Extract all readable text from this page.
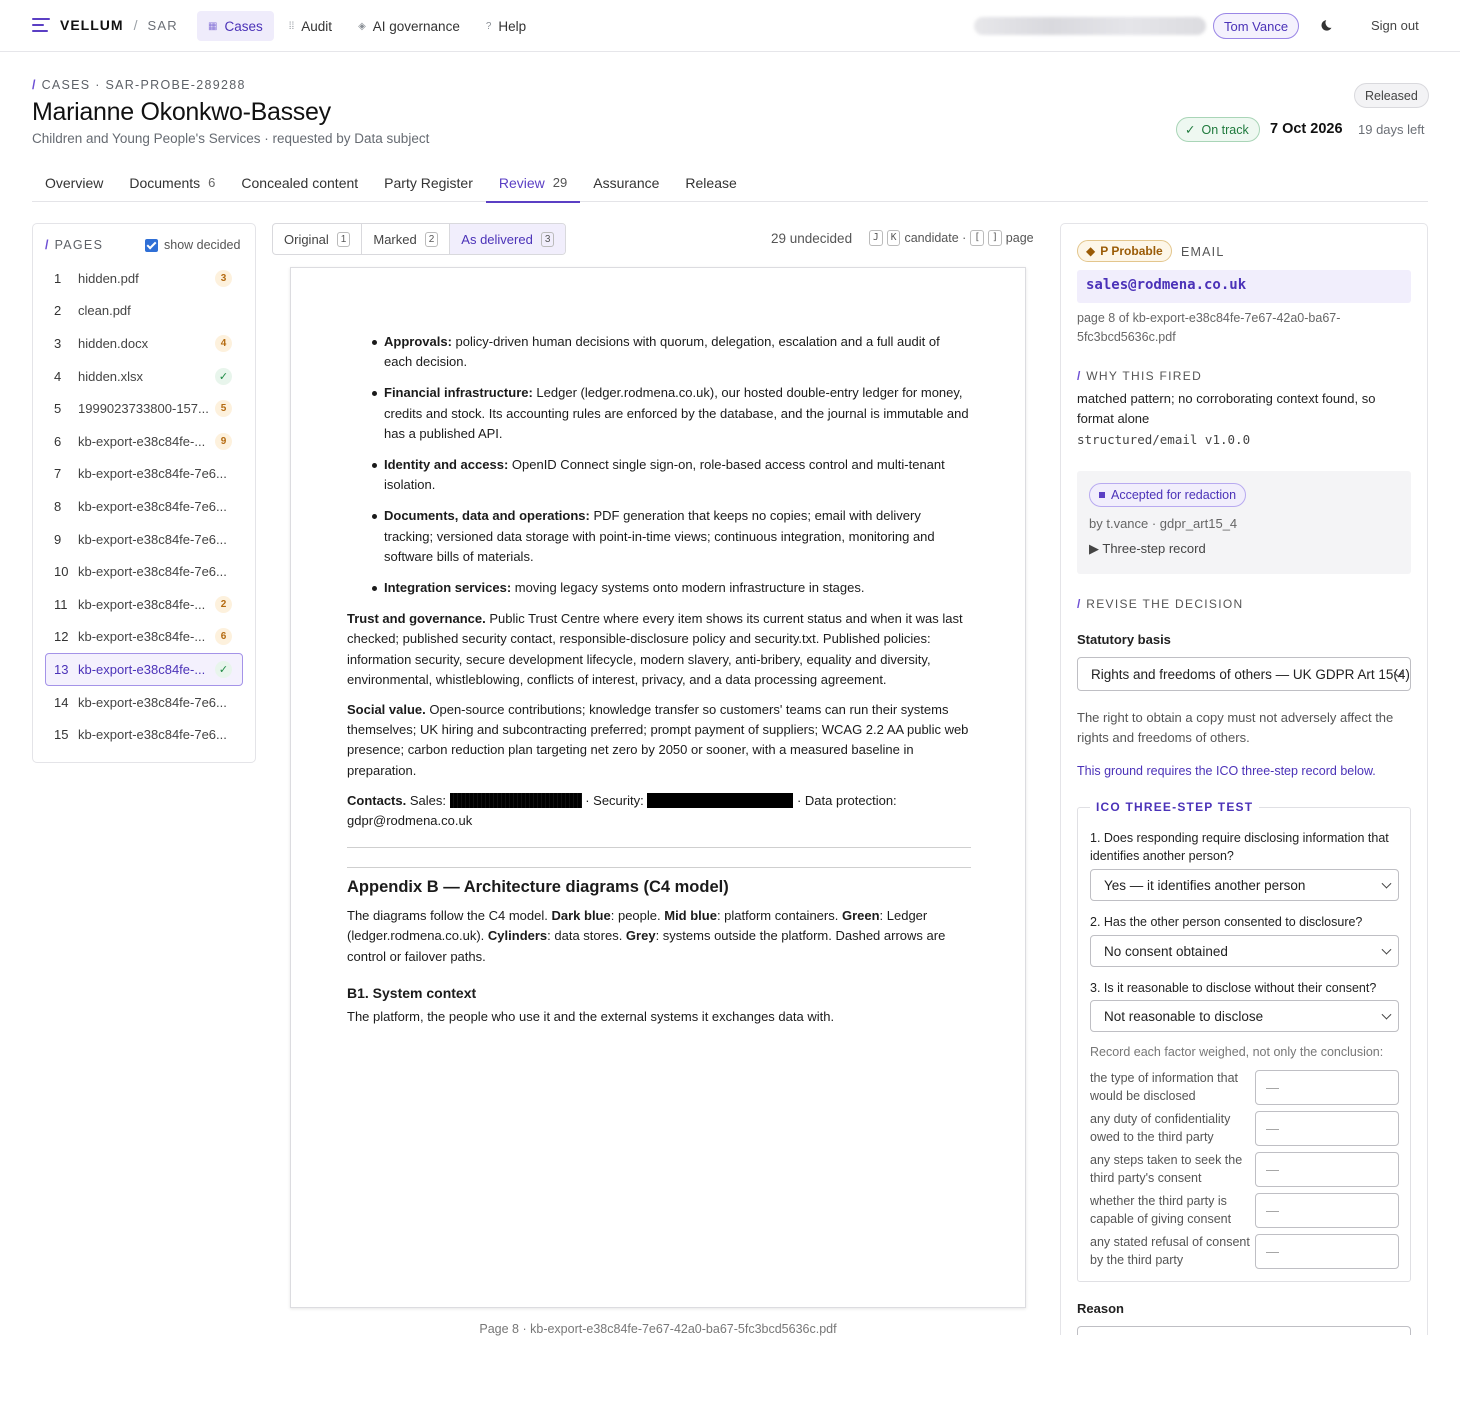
VELLUM / SAR	▦ Cases	⁞⁞ Audit	◈ AI governance	? Help	Tom Vance	Sign out
/ CASES · SAR-PROBE-289288
Marianne Okonkwo-Bassey
Children and Young People's Services · requested by Data subject
Released
✓ On track 7 Oct 2026 19 days left
Overview Documents 6 Concealed content Party Register Review 29 Assurance Release
/ PAGES	show decided
1	hidden.pdf	3
2	clean.pdf
3	hidden.docx	4
4	hidden.xlsx	✓
5	1999023733800-157...	5
6	kb-export-e38c84fe-...	9
7	kb-export-e38c84fe-7e6...
8	kb-export-e38c84fe-7e6...
9	kb-export-e38c84fe-7e6...
10 kb-export-e38c84fe-7e6...
11 kb-export-e38c84fe-...	2
12 kb-export-e38c84fe-...	6
13 kb-export-e38c84fe-...	✓
14 kb-export-e38c84fe-7e6...
15 kb-export-e38c84fe-7e6...
Original	1	Marked	2	As delivered	3	29 undecided	J	K candidate · [	] page
Approvals: policy-driven human decisions with quorum, delegation, escalation and a full audit of each decision.
Financial infrastructure: Ledger (ledger.rodmena.co.uk), our hosted double-entry ledger for money, credits and stock. Its accounting rules are enforced by the database, and the journal is immutable and has a published API.
Identity and access: OpenID Connect single sign-on, role-based access control and multi-tenant isolation.
Documents, data and operations: PDF generation that keeps no copies; email with delivery tracking; versioned data storage with point-in-time views; continuous integration, monitoring and software bills of materials.
Integration services: moving legacy systems onto modern infrastructure in stages.

Trust and governance. Public Trust Centre where every item shows its current status and when it was last checked; published security contact, responsible-disclosure policy and security.txt. Published policies: information security, secure development lifecycle, modern slavery, anti-bribery, equality and diversity, environmental, whistleblowing, conflicts of interest, privacy, and a data processing agreement.

Social value. Open-source contributions; knowledge transfer so customers' teams can run their systems themselves; UK hiring and subcontracting preferred; prompt payment of suppliers; WCAG 2.2 AA public web presence; carbon reduction plan targeting net zero by 2050 or sooner, with a measured baseline in preparation.

Contacts. Sales:	· Security:	· Data protection: gdpr@rodmena.co.uk

Appendix B — Architecture diagrams (C4 model)

The diagrams follow the C4 model. Dark blue: people. Mid blue: platform containers. Green: Ledger (ledger.rodmena.co.uk). Cylinders: data stores. Grey: systems outside the platform. Dashed arrows are control or failover paths.

B1. System context

The platform, the people who use it and the external systems it exchanges data with.

Page 8 · kb-export-e38c84fe-7e67-42a0-ba67-5fc3bcd5636c.pdf
◆ P Probable EMAIL
sales@rodmena.co.uk
page 8 of kb-export-e38c84fe-7e67-42a0-ba67-5fc3bcd5636c.pdf
/ WHY THIS FIRED
matched pattern; no corroborating context found, so format alone
structured/email v1.0.0
Accepted for redaction
by t.vance · gdpr_art15_4
▶ Three-step record
/ REVISE THE DECISION
Statutory basis
Rights and freedoms of others — UK GDPR Art 15(4)
The right to obtain a copy must not adversely affect the rights and freedoms of others.
This ground requires the ICO three-step record below.
ICO THREE-STEP TEST
1. Does responding require disclosing information that identifies another person?
Yes — it identifies another person
2. Has the other person consented to disclosure?
No consent obtained
3. Is it reasonable to disclose without their consent?
Not reasonable to disclose
Record each factor weighed, not only the conclusion:
the type of information that would be disclosed
—
any duty of confidentiality owed to the third party
—
any steps taken to seek the third party's consent
—
whether the third party is capable of giving consent
—
any stated refusal of consent by the third party
—
Reason
